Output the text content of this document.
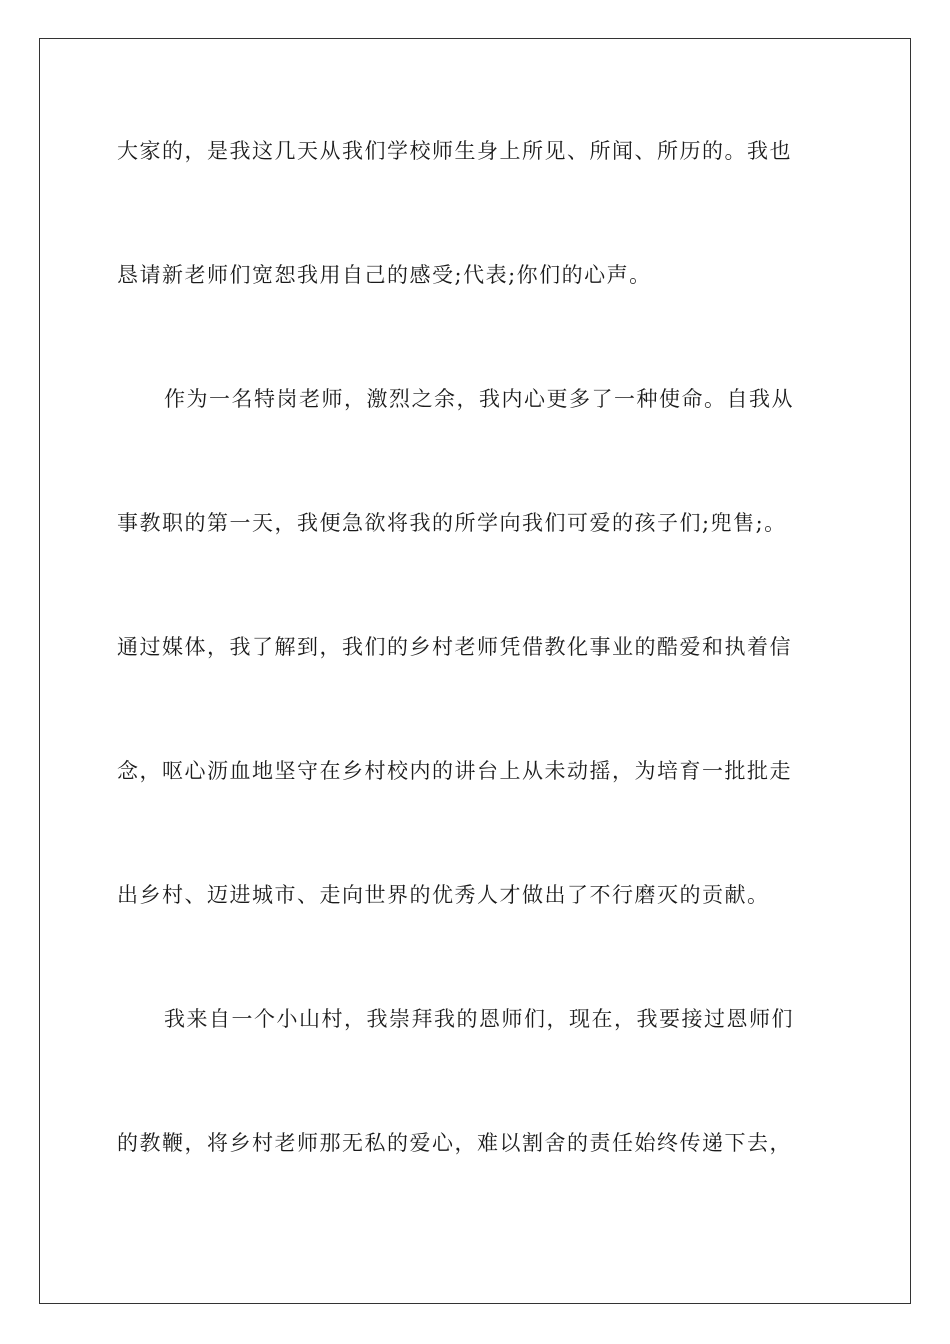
大家的，是我这几天从我们学校师生身上所见、所闻、所历的。我也
恳请新老师们宽恕我用自己的感受;代表;你们的心声。
作为一名特岗老师，激烈之余，我内心更多了一种使命。自我从
事教职的第一天，我便急欲将我的所学向我们可爱的孩子们;兜售;。
通过媒体，我了解到，我们的乡村老师凭借教化事业的酷爱和执着信
念，呕心沥血地坚守在乡村校内的讲台上从未动摇，为培育一批批走
出乡村、迈进城市、走向世界的优秀人才做出了不行磨灭的贡献。
我来自一个小山村，我崇拜我的恩师们，现在，我要接过恩师们
的教鞭，将乡村老师那无私的爱心，难以割舍的责任始终传递下去，
